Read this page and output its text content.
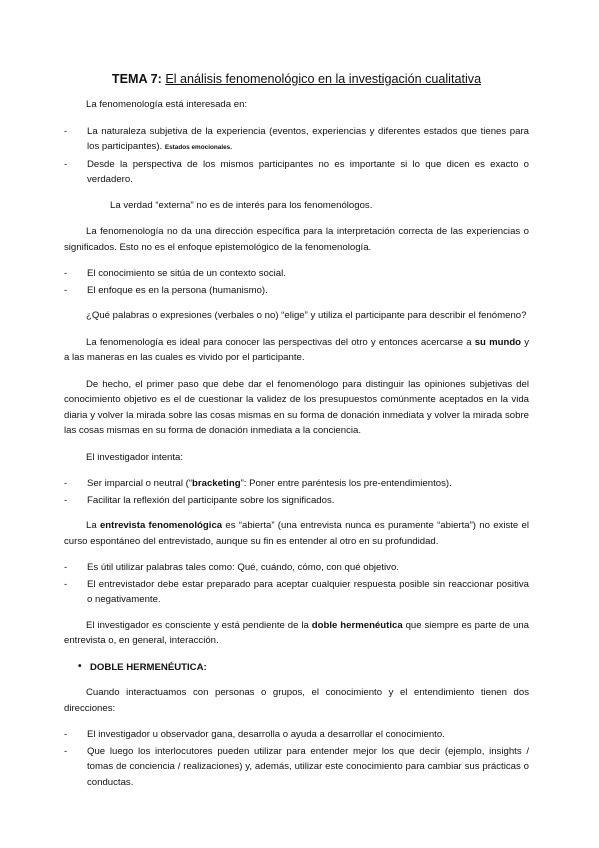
TEMA 7: El análisis fenomenológico en la investigación cualitativa

La fenomenología está interesada en:

- La naturaleza subjetiva de la experiencia (eventos, experiencias y diferentes estados que tienes para los participantes). Estados emocionales.
- Desde la perspectiva de los mismos participantes no es importante si lo que dicen es exacto o verdadero.

La verdad “externa” no es de interés para los fenomenólogos.

La fenomenología no da una dirección específica para la interpretación correcta de las experiencias o significados. Esto no es el enfoque epistemológico de la fenomenología.

- El conocimiento se sitúa de un contexto social.
- El enfoque es en la persona (humanismo).

¿Qué palabras o expresiones (verbales o no) “elige” y utiliza el participante para describir el fenómeno?

La fenomenología es ideal para conocer las perspectivas del otro y entonces acercarse a su mundo y a las maneras en las cuales es vivido por el participante.

De hecho, el primer paso que debe dar el fenomenólogo para distinguir las opiniones subjetivas del conocimiento objetivo es el de cuestionar la validez de los presupuestos comúnmente aceptados en la vida diaria y volver la mirada sobre las cosas mismas en su forma de donación inmediata y volver la mirada sobre las cosas mismas en su forma de donación inmediata a la conciencia.

El investigador intenta:

- Ser imparcial o neutral (“bracketing”: Poner entre paréntesis los pre-entendimientos).
- Facilitar la reflexión del participante sobre los significados.

La entrevista fenomenológica es “abierta” (una entrevista nunca es puramente “abierta”) no existe el curso espontáneo del entrevistado, aunque su fin es entender al otro en su profundidad.

- Es útil utilizar palabras tales como: Qué, cuándo, cómo, con qué objetivo.
- El entrevistador debe estar preparado para aceptar cualquier respuesta posible sin reaccionar positiva o negativamente.

El investigador es consciente y está pendiente de la doble hermenéutica que siempre es parte de una entrevista o, en general, interacción.

• DOBLE HERMENÉUTICA:

Cuando interactuamos con personas o grupos, el conocimiento y el entendimiento tienen dos direcciones:

- El investigador u observador gana, desarrolla o ayuda a desarrollar el conocimiento.
- Que luego los interlocutores pueden utilizar para entender mejor los que decir (ejemplo, insights / tomas de conciencia / realizaciones) y, además, utilizar este conocimiento para cambiar sus prácticas o conductas.
